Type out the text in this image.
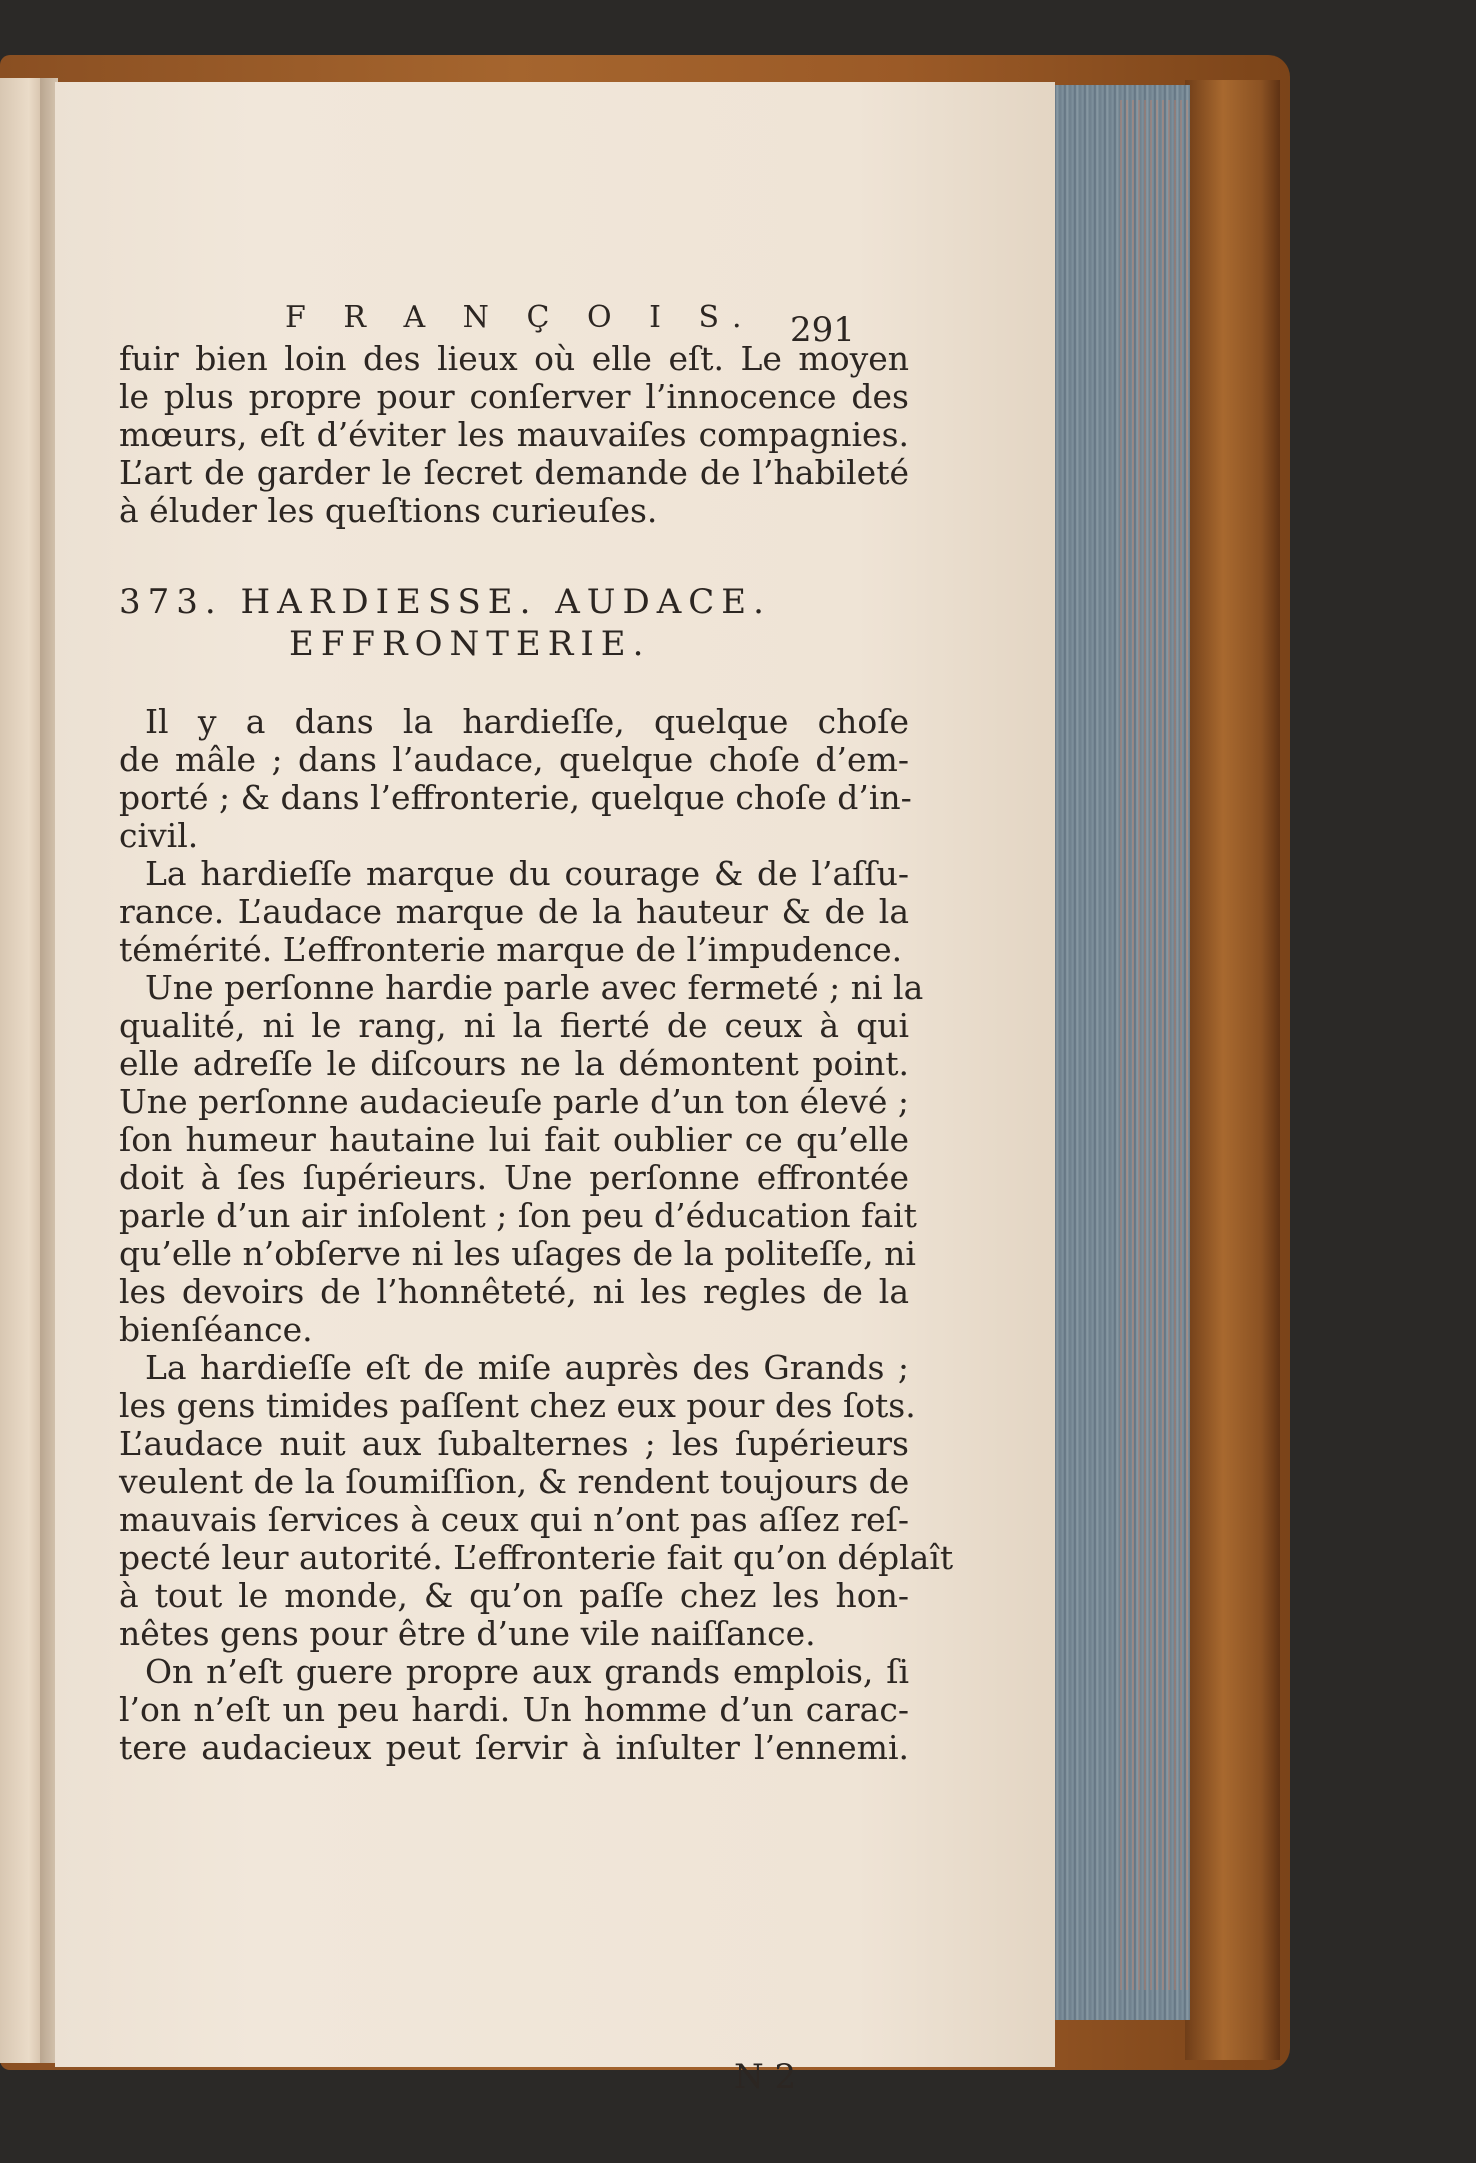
F R A N Ç O I S.	291
fuir bien loin des lieux où elle eſt. Le moyen
le plus propre pour conſerver l’innocence des
mœurs, eſt d’éviter les mauvaiſes compagnies.
L’art de garder le ſecret demande de l’habileté
à éluder les queſtions curieuſes.
373. HARDIESSE. AUDACE.
EFFRONTERIE.
Il y a dans la hardieſſe, quelque choſe
de mâle ; dans l’audace, quelque choſe d’em-
porté ; & dans l’effronterie, quelque choſe d’in-
civil.
La hardieſſe marque du courage & de l’aſſu-
rance. L’audace marque de la hauteur & de la
témérité. L’effronterie marque de l’impudence.
Une perſonne hardie parle avec fermeté ; ni la
qualité, ni le rang, ni la fierté de ceux à qui
elle adreſſe le diſcours ne la démontent point.
Une perſonne audacieuſe parle d’un ton élevé ;
ſon humeur hautaine lui fait oublier ce qu’elle
doit à ſes ſupérieurs. Une perſonne effrontée
parle d’un air inſolent ; ſon peu d’éducation fait
qu’elle n’obſerve ni les uſages de la politeſſe, ni
les devoirs de l’honnêteté, ni les regles de la
bienſéance.
La hardieſſe eſt de miſe auprès des Grands ;
les gens timides paſſent chez eux pour des ſots.
L’audace nuit aux ſubalternes ; les ſupérieurs
veulent de la ſoumiſſion, & rendent toujours de
mauvais ſervices à ceux qui n’ont pas aſſez reſ-
pecté leur autorité. L’effronterie fait qu’on déplaît
à tout le monde, & qu’on paſſe chez les hon-
nêtes gens pour être d’une vile naiſſance.
On n’eſt guere propre aux grands emplois, ſi
l’on n’eſt un peu hardi. Un homme d’un carac-
tere audacieux peut ſervir à inſulter l’ennemi.
N 2
